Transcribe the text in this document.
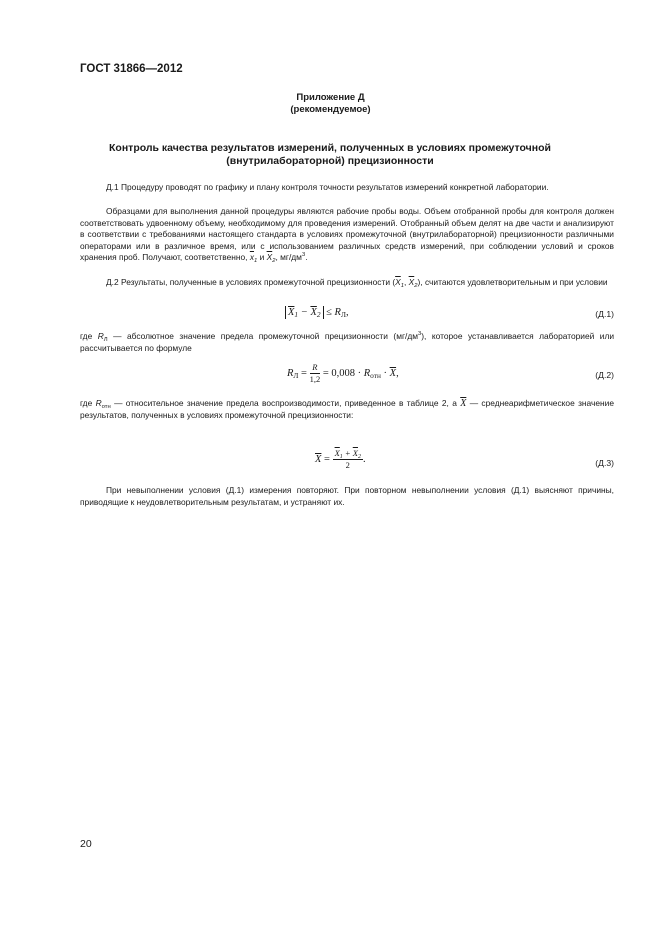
ГОСТ 31866—2012
Приложение Д
(рекомендуемое)
Контроль качества результатов измерений, полученных в условиях промежуточной
(внутрилабораторной) прецизионности
Д.1 Процедуру проводят по графику и плану контроля точности результатов измерений конкретной лаборатории.
Образцами для выполнения данной процедуры являются рабочие пробы воды. Объем отобранной пробы для контроля должен соответствовать удвоенному объему, необходимому для проведения измерений. Отобранный объем делят на две части и анализируют в соответствии с требованиями настоящего стандарта в условиях промежуточной (внутрилабораторной) прецизионности различными операторами или в различное время, или с использованием различных средств измерений, при соблюдении условий и сроков хранения проб. Получают, соответственно, $\overline{x}_1$ и $\overline{X}_2$, $мг/дм^3$.
Д.2 Результаты, полученные в условиях промежуточной прецизионности ($\overline{X}_1$, $\overline{X}_2$), считаются удовлетворительным и при условии
$\overline{X}_1 - \overline{X}_2 \le R_Л$,	(Д.1)
где $R_Л$ — абсолютное значение предела промежуточной прецизионности $(мг/дм^3)$, которое устанавливается лабораторией или рассчитывается по формуле
$R_Л = \frac{R}{1,2} = 0,008 \cdot R_{отн} \cdot \overline{X}$,	(Д.2)
где $R_{отн}$ — относительное значение предела воспроизводимости, приведенное в таблице 2, а $\overline{X}$ — среднеарифметическое значение результатов, полученных в условиях промежуточной прецизионности:
$\overline{X} = \frac{\overline{X}_1 + \overline{X}_2}{2}$ .	(Д.3)
При невыполнении условия (Д.1) измерения повторяют. При повторном невыполнении условия (Д.1) выясняют причины, приводящие к неудовлетворительным результатам, и устраняют их.
20
